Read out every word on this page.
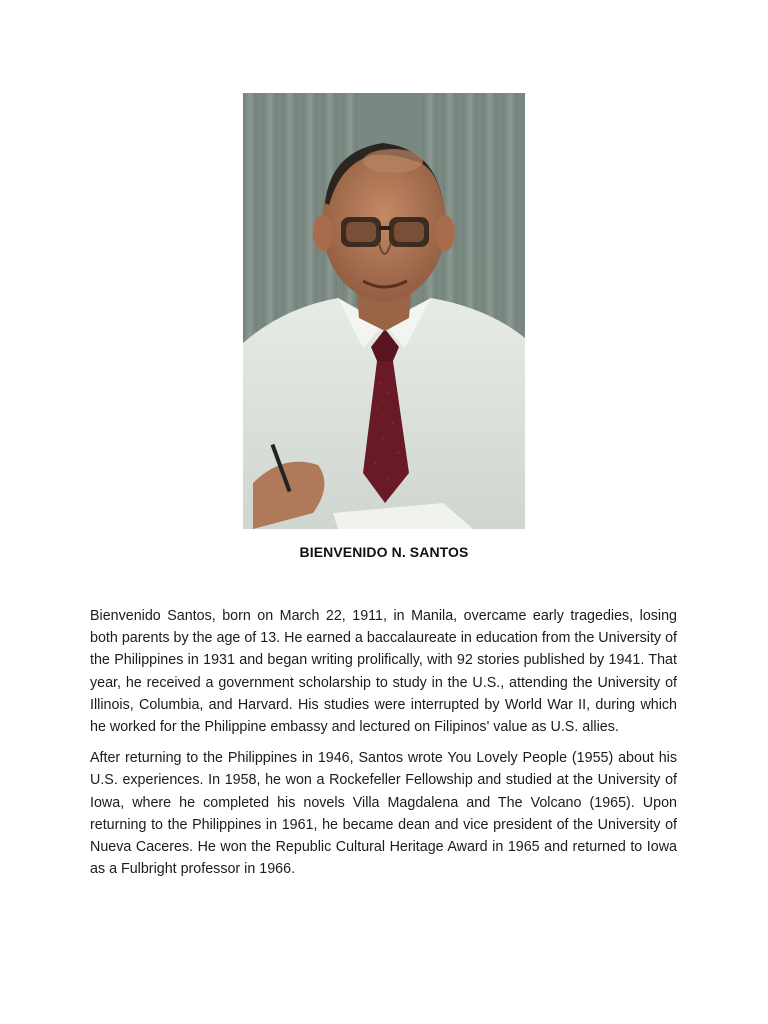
BIENVENIDO N. SANTOS

Bienvenido Santos, born on March 22, 1911, in Manila, overcame early tragedies, losing both parents by the age of 13. He earned a baccalaureate in education from the University of the Philippines in 1931 and began writing prolifically, with 92 stories published by 1941. That year, he received a government scholarship to study in the U.S., attending the University of Illinois, Columbia, and Harvard. His studies were interrupted by World War II, during which he worked for the Philippine embassy and lectured on Filipinos' value as U.S. allies.

After returning to the Philippines in 1946, Santos wrote You Lovely People (1955) about his U.S. experiences. In 1958, he won a Rockefeller Fellowship and studied at the University of Iowa, where he completed his novels Villa Magdalena and The Volcano (1965). Upon returning to the Philippines in 1961, he became dean and vice president of the University of Nueva Caceres. He won the Republic Cultural Heritage Award in 1965 and returned to Iowa as a Fulbright professor in 1966.
